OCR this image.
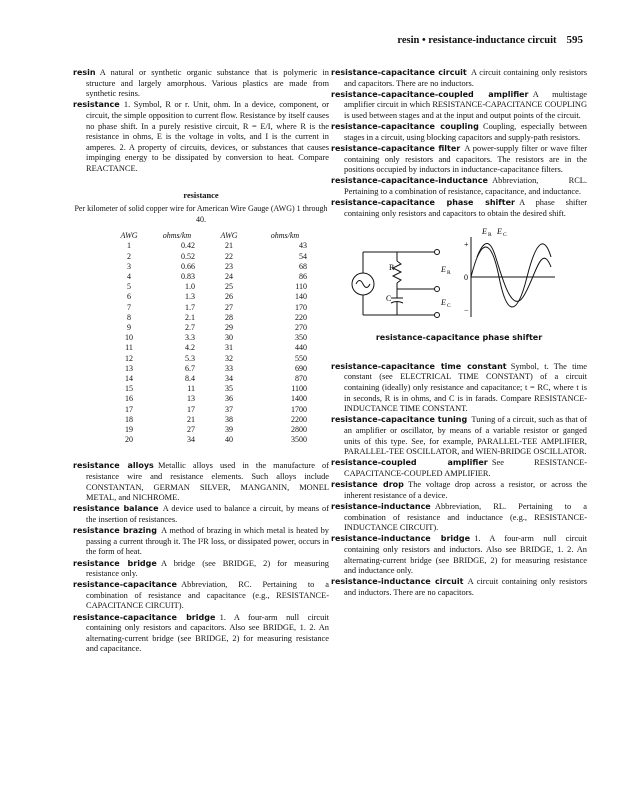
resin • resistance-inductance circuit 595

resin  A natural or synthetic organic substance that is polymeric in structure and largely amorphous. Various plastics are made from synthetic resins.

resistance  1. Symbol, R or r. Unit, ohm. In a device, component, or circuit, the simple opposition to current flow. Resistance by itself causes no phase shift. In a purely resistive circuit, R = E/I, where R is the resistance in ohms, E is the voltage in volts, and I is the current in amperes. 2. A property of circuits, devices, or substances that causes impinging energy to be dissipated by conversion to heat. Compare REACTANCE.

resistance
Per kilometer of solid copper wire for American Wire Gauge (AWG) 1 through 40.
AWG	ohms/km	AWG	ohms/km
1	0.42	21	43
2	0.52	22	54
3	0.66	23	68
4	0.83	24	86
5	1.0	25	110
6	1.3	26	140
7	1.7	27	170
8	2.1	28	220
9	2.7	29	270
10	3.3	30	350
11	4.2	31	440
12	5.3	32	550
13	6.7	33	690
14	8.4	34	870
15	11	35	1100
16	13	36	1400
17	17	37	1700
18	21	38	2200
19	27	39	2800
20	34	40	3500

resistance alloys  Metallic alloys used in the manufacture of resistance wire and resistance elements. Such alloys include CONSTANTAN, GERMAN SILVER, MANGANIN, MONEL METAL, and NICHROME.

resistance balance  A device used to balance a circuit, by means of the insertion of resistances.

resistance brazing  A method of brazing in which metal is heated by passing a current through it. The I²R loss, or dissipated power, occurs in the form of heat.

resistance bridge  A bridge (see BRIDGE, 2) for measuring resistance only.

resistance-capacitance  Abbreviation, RC. Pertaining to a combination of resistance and capacitance (e.g., RESISTANCE-CAPACITANCE CIRCUIT).

resistance-capacitance bridge  1. A four-arm null circuit containing only resistors and capacitors. Also see BRIDGE, 1. 2. An alternating-current bridge (see BRIDGE, 2) for measuring resistance and capacitance.

resistance-capacitance circuit  A circuit containing only resistors and capacitors. There are no inductors.

resistance-capacitance-coupled amplifier  A multistage amplifier circuit in which RESISTANCE-CAPACITANCE COUPLING is used between stages and at the input and output points of the circuit.

resistance-capacitance coupling  Coupling, especially between stages in a circuit, using blocking capacitors and supply-path resistors.

resistance-capacitance filter  A power-supply filter or wave filter containing only resistors and capacitors. The resistors are in the positions occupied by inductors in inductance-capacitance filters.

resistance-capacitance-inductance  Abbreviation, RCL. Pertaining to a combination of resistance, capacitance, and inductance.

resistance-capacitance phase shifter  A phase shifter containing only resistors and capacitors to obtain the desired shift.

R
C
E R
E C
E R E C
+
0
−
resistance-capacitance phase shifter

resistance-capacitance time constant  Symbol, t. The time constant (see ELECTRICAL TIME CONSTANT) of a circuit containing (ideally) only resistance and capacitance; t = RC, where t is in seconds, R is in ohms, and C is in farads. Compare RESISTANCE-INDUCTANCE TIME CONSTANT.

resistance-capacitance tuning  Tuning of a circuit, such as that of an amplifier or oscillator, by means of a variable resistor or ganged units of this type. See, for example, PARALLEL-TEE AMPLIFIER, PARALLEL-TEE OSCILLATOR, and WIEN-BRIDGE OSCILLATOR.

resistance-coupled amplifier  See RESISTANCE-CAPACITANCE-COUPLED AMPLIFIER.

resistance drop  The voltage drop across a resistor, or across the inherent resistance of a device.

resistance-inductance  Abbreviation, RL. Pertaining to a combination of resistance and inductance (e.g., RESISTANCE-INDUCTANCE CIRCUIT).

resistance-inductance bridge  1. A four-arm null circuit containing only resistors and inductors. Also see BRIDGE, 1. 2. An alternating-current bridge (see BRIDGE, 2) for measuring resistance and inductance only.

resistance-inductance circuit  A circuit containing only resistors and inductors. There are no capacitors.
